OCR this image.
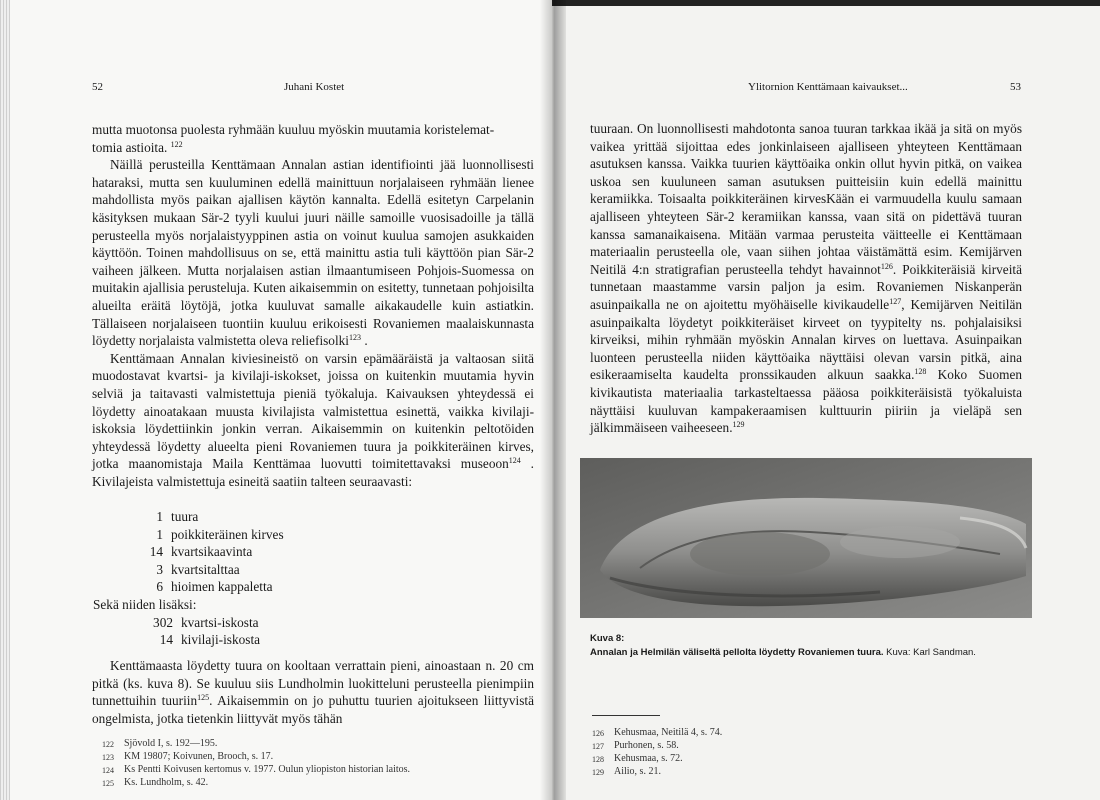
52	Juhani Kostet

mutta muotonsa puolesta ryhmään kuuluu myöskin muutamia koristelemat-
tomia astioita. $^{122}$

Näillä perusteilla Kenttämaan Annalan astian identifiointi jää luonnollisesti hataraksi, mutta sen kuuluminen edellä mainittuun norjalaiseen ryhmään lienee mahdollista myös paikan ajallisen käytön kannalta. Edellä esitetyn Carpelanin käsityksen mukaan Sär-2 tyyli kuului juuri näille samoille vuosisadoille ja tällä perusteella myös norjalaistyyppinen astia on voinut kuulua samojen asukkaiden käyttöön. Toinen mahdollisuus on se, että mainittu astia tuli käyttöön pian Sär-2 vaiheen jälkeen. Mutta norjalaisen astian ilmaantumiseen Pohjois-Suomessa on muitakin ajallisia perusteluja. Kuten aikaisemmin on esitetty, tunnetaan pohjoisilta alueilta eräitä löytöjä, jotka kuuluvat samalle aikakaudelle kuin astiatkin. Tällaiseen norjalaiseen tuontiin kuuluu erikoisesti Rovaniemen maalaiskunnasta löydetty norjalaista valmistetta oleva reliefisolki$^{123}$ .

Kenttämaan Annalan kiviesineistö on varsin epämääräistä ja valtaosan siitä muodostavat kvartsi- ja kivilaji-iskokset, joissa on kuitenkin muutamia hyvin selviä ja taitavasti valmistettuja pieniä työkaluja. Kaivauksen yhteydessä ei löydetty ainoatakaan muusta kivilajista valmistettua esinettä, vaikka kivilajiiskoksia löydettiinkin jonkin verran. Aikaisemmin on kuitenkin peltotöiden yhteydessä löydetty alueelta pieni Rovaniemen tuura ja poikkiteräinen kirves, jotka maanomistaja Maila Kenttämaa luovutti toimitettavaksi museoon$^{124}$ . Kivilajeista valmistettuja esineitä saatiin talteen seuraavasti:

1 tuura
1 poikkiteräinen kirves
14 kvartsikaavinta
3 kvartsitalttaa
6 hioimen kappaletta
Sekä niiden lisäksi:
302 kvartsi-iskosta
14 kivilaji-iskosta

Kenttämaasta löydetty tuura on kooltaan verrattain pieni, ainoastaan n. 20 cm pitkä (ks. kuva 8). Se kuuluu siis Lundholmin luokitteluni perusteella pienimpiin tunnettuihin tuuriin$^{125}$. Aikaisemmin on jo puhuttu tuurien ajoitukseen liittyvistä ongelmista, jotka tietenkin liittyvät myös tähän

122	Sjövold I, s. 192—195.
123	KM 19807; Koivunen, Brooch, s. 17.
124	Ks Pentti Koivusen kertomus v. 1977. Oulun yliopiston historian laitos.
125	Ks. Lundholm, s. 42.
Ylitornion Kenttämaan kaivaukset...	53

tuuraan. On luonnollisesti mahdotonta sanoa tuuran tarkkaa ikää ja sitä on myös vaikea yrittää sijoittaa edes jonkinlaiseen ajalliseen yhteyteen Kenttämaan asutuksen kanssa. Vaikka tuurien käyttöaika onkin ollut hyvin pitkä, on vaikea uskoa sen kuuluneen saman asutuksen puitteisiin kuin edellä mainittu keramiikka. Toisaalta poikkiteräinen kirvesKään ei varmuudella kuulu samaan ajalliseen yhteyteen Sär-2 keramiikan kanssa, vaan sitä on pidettävä tuuran kanssa samanaikaisena. Mitään varmaa perusteita väitteelle ei Kenttämaan materiaalin perusteella ole, vaan siihen johtaa väistämättä esim. Kemijärven Neitilä 4:n stratigrafian perusteella tehdyt havainnot$^{126}$. Poikkiteräisiä kirveitä tunnetaan maastamme varsin paljon ja esim. Rovaniemen Niskanperän asuinpaikalla ne on ajoitettu myöhäiselle kivikaudelle$^{127}$, Kemijärven Neitilän asuinpaikalta löydetyt poikkiteräiset kirveet on tyypitelty ns. pohjalaisiksi kirveiksi, mihin ryhmään myöskin Annalan kirves on luettava. Asuinpaikan luonteen perusteella niiden käyttöaika näyttäisi olevan varsin pitkä, aina esikeraamiselta kaudelta pronssikauden alkuun saakka.$^{128}$ Koko Suomen kivikautista materiaalia tarkasteltaessa pääosa poikkiteräisistä työkaluista näyttäisi kuuluvan kampakeraamisen kulttuurin piiriin ja vieläpä sen jälkimmäiseen vaiheeseen.$^{129}$

Kuva 8:
Annalan ja Helmilän väliseltä pellolta löydetty Rovaniemen tuura. Kuva: Karl Sandman.
126	Kehusmaa, Neitilä 4, s. 74.
127	Purhonen, s. 58.
128	Kehusmaa, s. 72.
129	Ailio, s. 21.
